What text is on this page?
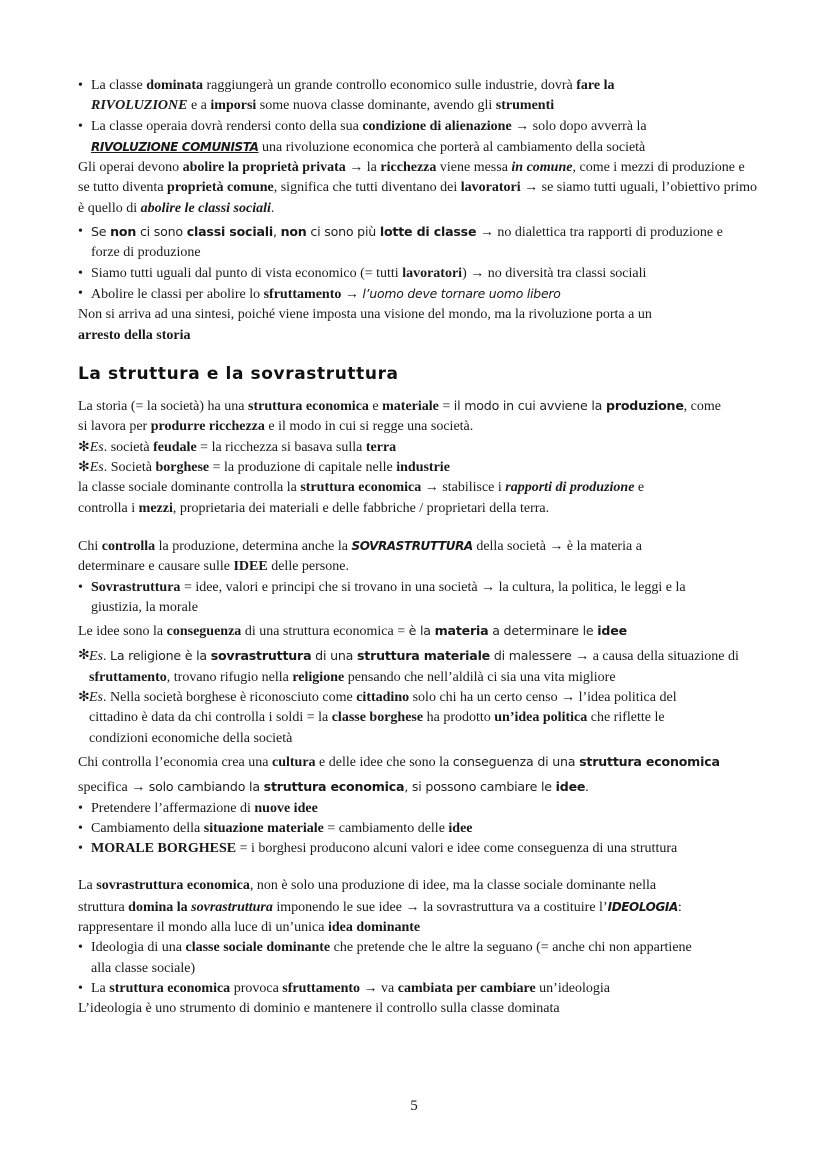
• La classe dominata raggiungerà un grande controllo economico sulle industrie, dovrà fare la
RIVOLUZIONE e a imporsi some nuova classe dominante, avendo gli strumenti
• La classe operaia dovrà rendersi conto della sua condizione di alienazione → solo dopo avverrà la
RIVOLUZIONE COMUNISTA una rivoluzione economica che porterà al cambiamento della società

Gli operai devono abolire la proprietà privata → la ricchezza viene messa in comune, come i mezzi di produzione e se tutto diventa proprietà comune, significa che tutti diventano dei lavoratori → se siamo tutti uguali, l’obiettivo primo è quello di abolire le classi sociali.

• Se non ci sono classi sociali, non ci sono più lotte di classe → no dialettica tra rapporti di produzione e
forze di produzione
• Siamo tutti uguali dal punto di vista economico (= tutti lavoratori) → no diversità tra classi sociali
• Abolire le classi per abolire lo sfruttamento → l’uomo deve tornare uomo libero

Non si arriva ad una sintesi, poiché viene imposta una visione del mondo, ma la rivoluzione porta a un
arresto della storia

La struttura e la sovrastruttura

La storia (= la società) ha una struttura economica e materiale = il modo in cui avviene la produzione, come
si lavora per produrre ricchezza e il modo in cui si regge una società.

✻Es. società feudale = la ricchezza si basava sulla terra
✻Es. Società borghese = la produzione di capitale nelle industrie

la classe sociale dominante controlla la struttura economica → stabilisce i rapporti di produzione e
controlla i mezzi, proprietaria dei materiali e delle fabbriche / proprietari della terra.

Chi controlla la produzione, determina anche la SOVRASTRUTTURA della società → è la materia a
determinare e causare sulle IDEE delle persone.

• Sovrastruttura = idee, valori e principi che si trovano in una società → la cultura, la politica, le leggi e la
giustizia, la morale

Le idee sono la conseguenza di una struttura economica = è la materia a determinare le idee

✻ Es. La religione è la sovrastruttura di una struttura materiale di malessere → a causa della situazione di
sfruttamento, trovano rifugio nella religione pensando che nell’aldilà ci sia una vita migliore
✻ Es. Nella società borghese è riconosciuto come cittadino solo chi ha un certo censo → l’idea politica del
cittadino è data da chi controlla i soldi = la classe borghese ha prodotto un’idea politica che riflette le
condizioni economiche della società

Chi controlla l’economia crea una cultura e delle idee che sono la conseguenza di una struttura economica
specifica → solo cambiando la struttura economica, si possono cambiare le idee.

• Pretendere l’affermazione di nuove idee
• Cambiamento della situazione materiale = cambiamento delle idee
• MORALE BORGHESE = i borghesi producono alcuni valori e idee come conseguenza di una struttura

La sovrastruttura economica, non è solo una produzione di idee, ma la classe sociale dominante nella
struttura domina la sovrastruttura imponendo le sue idee → la sovrastruttura va a costituire l’IDEOLOGIA:
rappresentare il mondo alla luce di un’unica idea dominante

• Ideologia di una classe sociale dominante che pretende che le altre la seguano (= anche chi non appartiene
alla classe sociale)
• La struttura economica provoca sfruttamento → va cambiata per cambiare un’ideologia

L’ideologia è uno strumento di dominio e mantenere il controllo sulla classe dominata

5
